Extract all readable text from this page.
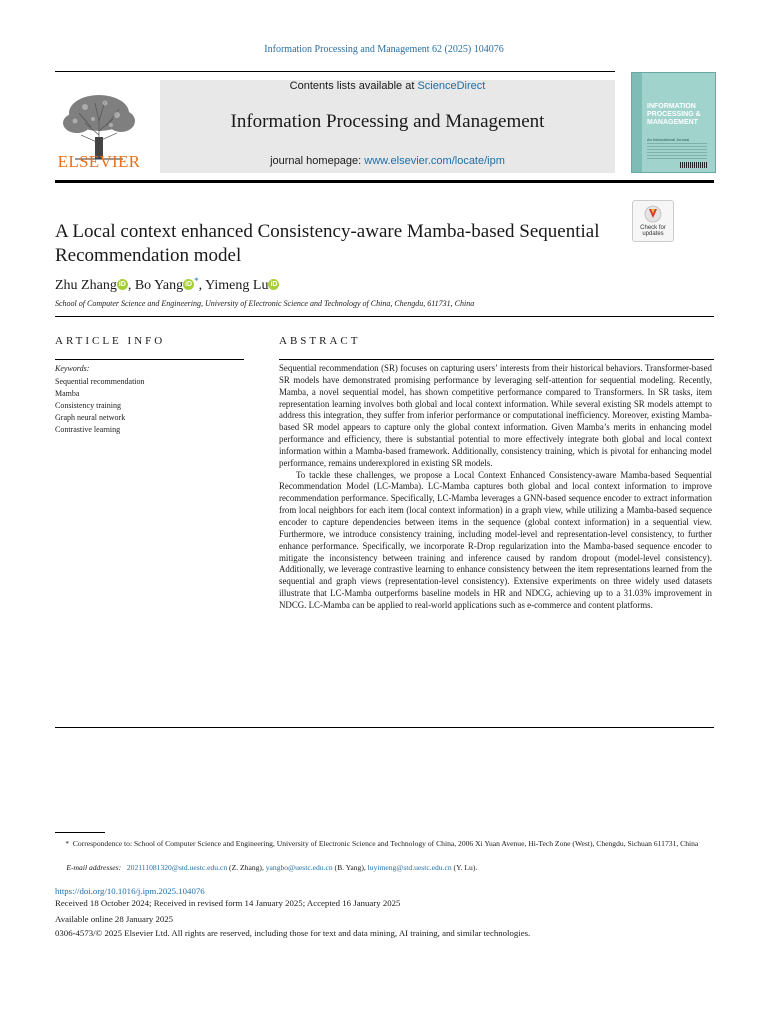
Information Processing and Management 62 (2025) 104076
ELSEVIER
Contents lists available at ScienceDirect
Information Processing and Management
journal homepage: www.elsevier.com/locate/ipm
INFORMATION PROCESSING & MANAGEMENT
An International Journal
Check for
updates
A Local context enhanced Consistency-aware Mamba-based Sequential Recommendation model
Zhu Zhang iD , Bo Yang iD *, Yimeng Lu iD
School of Computer Science and Engineering, University of Electronic Science and Technology of China, Chengdu, 611731, China
ARTICLE INFO
Keywords:
Sequential recommendation
Mamba
Consistency training
Graph neural network
Contrastive learning
ABSTRACT

Sequential recommendation (SR) focuses on capturing users’ interests from their historical behaviors. Transformer-based SR models have demonstrated promising performance by leveraging self-attention for sequential modeling. Recently, Mamba, a novel sequential model, has shown competitive performance compared to Transformers. In SR tasks, item representation learning involves both global and local context information. While several existing SR models attempt to address this integration, they suffer from inferior performance or computational inefficiency. Moreover, existing Mamba-based SR model appears to capture only the global context information. Given Mamba’s merits in enhancing model performance and efficiency, there is substantial potential to more effectively integrate both global and local context information within a Mamba-based framework. Additionally, consistency training, which is pivotal for enhancing model performance, remains underexplored in existing SR models.

To tackle these challenges, we propose a Local Context Enhanced Consistency-aware Mamba-based Sequential Recommendation Model (LC-Mamba). LC-Mamba captures both global and local context information to improve recommendation performance. Specifically, LC-Mamba leverages a GNN-based sequence encoder to extract information from local neighbors for each item (local context information) in a graph view, while utilizing a Mamba-based sequence encoder to capture dependencies between items in the sequence (global context information) in a sequential view. Furthermore, we introduce consistency training, including model-level and representation-level consistency, to further enhance performance. Specifically, we incorporate R-Drop regularization into the Mamba-based sequence encoder to mitigate the inconsistency between training and inference caused by random dropout (model-level consistency). Additionally, we leverage contrastive learning to enhance consistency between the item representations learned from the sequential and graph views (representation-level consistency). Extensive experiments on three widely used datasets illustrate that LC-Mamba outperforms baseline models in HR and NDCG, achieving up to a 31.03% improvement in NDCG. LC-Mamba can be applied to real-world applications such as e-commerce and content platforms.

* Correspondence to: School of Computer Science and Engineering, University of Electronic Science and Technology of China, 2006 Xi Yuan Avenue, Hi-Tech Zone (West), Chengdu, Sichuan 611731, China
E-mail addresses: 202111081320@std.uestc.edu.cn (Z. Zhang), yangbo@uestc.edu.cn (B. Yang), luyimeng@std.uestc.edu.cn (Y. Lu).
https://doi.org/10.1016/j.ipm.2025.104076
Received 18 October 2024; Received in revised form 14 January 2025; Accepted 16 January 2025
Available online 28 January 2025
0306-4573/© 2025 Elsevier Ltd. All rights are reserved, including those for text and data mining, AI training, and similar technologies.
